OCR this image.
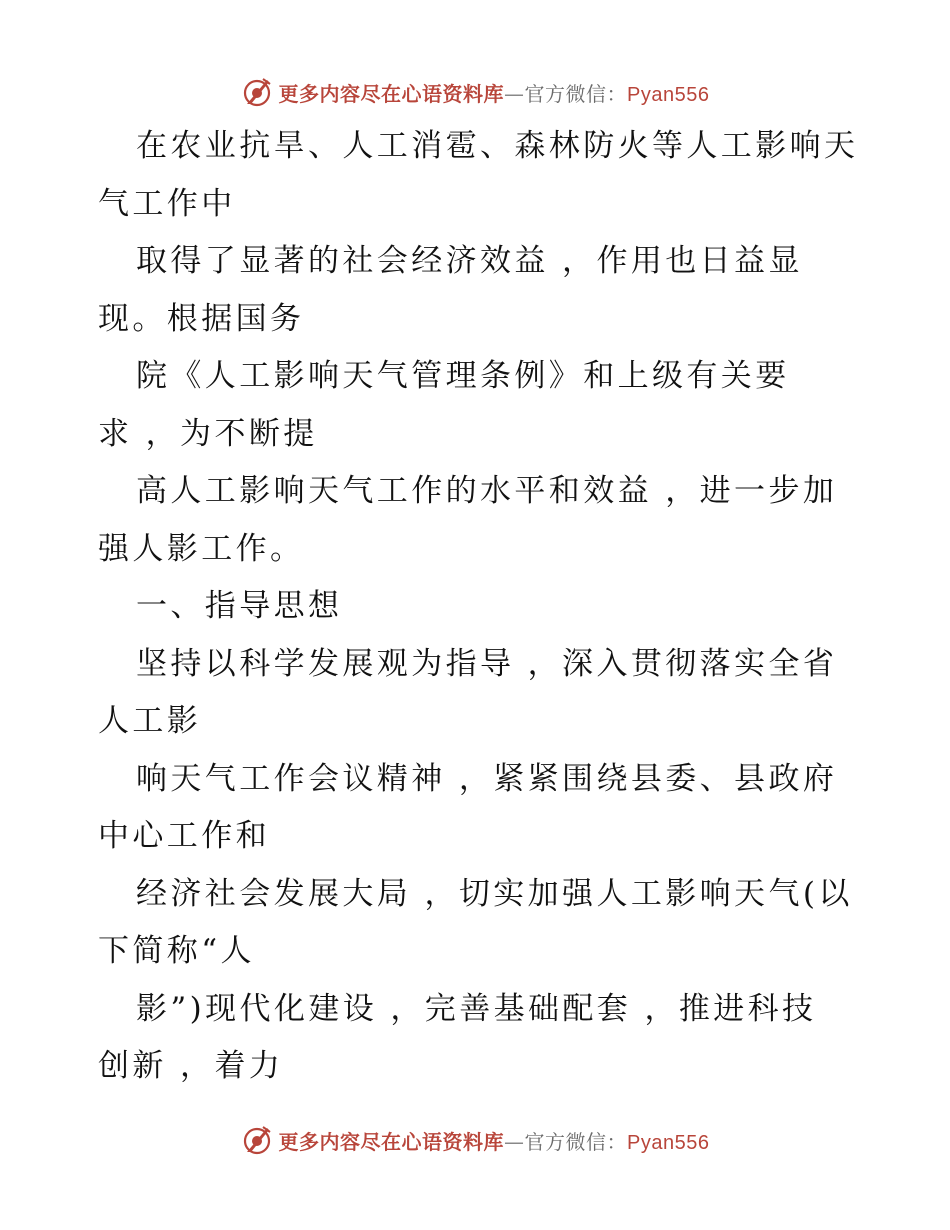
更多内容尽在心语资料库—官方微信：Pyan556
在农业抗旱、人工消雹、森林防火等人工影响天
气工作中
取得了显著的社会经济效益 ，作用也日益显
现。根据国务
院《人工影响天气管理条例》和上级有关要
求 ，为不断提
高人工影响天气工作的水平和效益 ，进一步加
强人影工作。
一、指导思想
坚持以科学发展观为指导 ，深入贯彻落实全省
人工影
响天气工作会议精神 ，紧紧围绕县委、县政府
中心工作和
经济社会发展大局 ，切实加强人工影响天气(以
下简称“人
影”)现代化建设 ，完善基础配套 ，推进科技
创新 ，着力
更多内容尽在心语资料库—官方微信：Pyan556
